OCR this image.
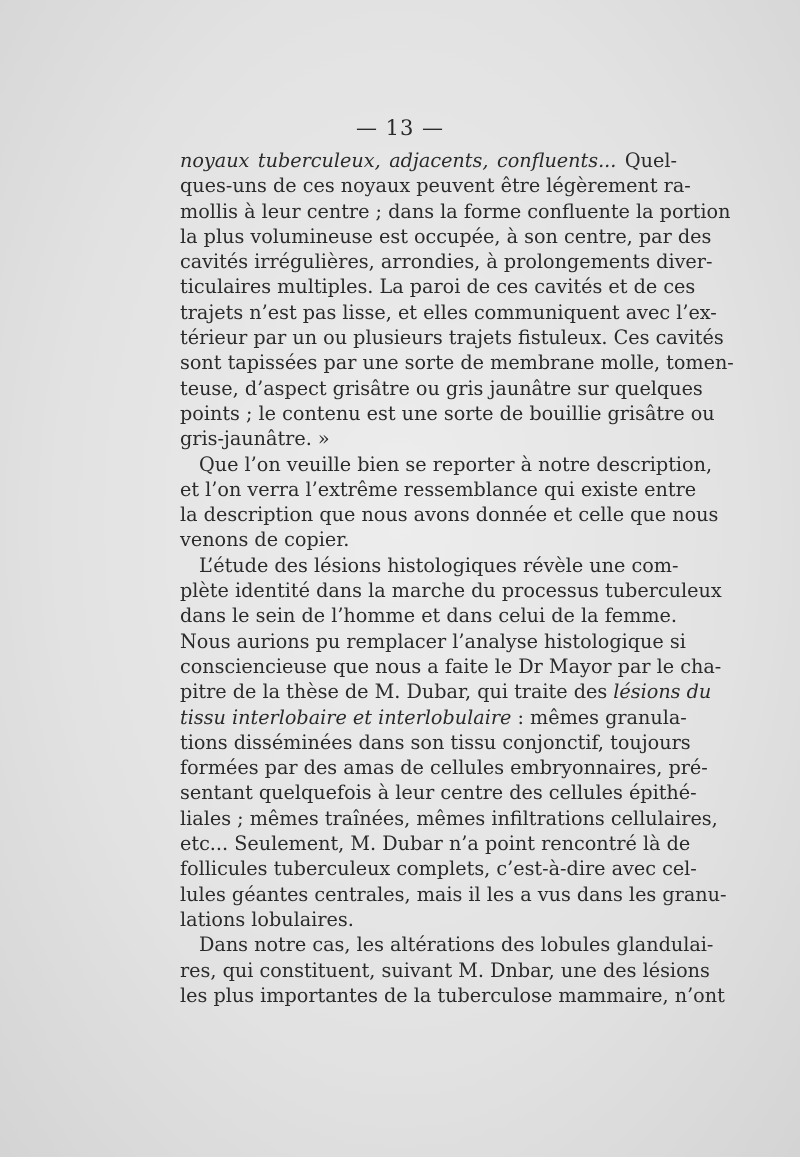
— 13 —
noyaux tuberculeux, adjacents, confluents... Quel-
ques-uns de ces noyaux peuvent être légèrement ra-
mollis à leur centre ; dans la forme confluente la portion
la plus volumineuse est occupée, à son centre, par des
cavités irrégulières, arrondies, à prolongements diver-
ticulaires multiples. La paroi de ces cavités et de ces
trajets n’est pas lisse, et elles communiquent avec l’ex-
térieur par un ou plusieurs trajets fistuleux. Ces cavités
sont tapissées par une sorte de membrane molle, tomen-
teuse, d’aspect grisâtre ou gris jaunâtre sur quelques
points ; le contenu est une sorte de bouillie grisâtre ou
gris-jaunâtre. »
Que l’on veuille bien se reporter à notre description,
et l’on verra l’extrême ressemblance qui existe entre
la description que nous avons donnée et celle que nous
venons de copier.
L’étude des lésions histologiques révèle une com-
plète identité dans la marche du processus tuberculeux
dans le sein de l’homme et dans celui de la femme.
Nous aurions pu remplacer l’analyse histologique si
consciencieuse que nous a faite le Dr Mayor par le cha-
pitre de la thèse de M. Dubar, qui traite des lésions du
tissu interlobaire et interlobulaire : mêmes granula-
tions disséminées dans son tissu conjonctif, toujours
formées par des amas de cellules embryonnaires, pré-
sentant quelquefois à leur centre des cellules épithé-
liales ; mêmes traînées, mêmes infiltrations cellulaires,
etc... Seulement, M. Dubar n’a point rencontré là de
follicules tuberculeux complets, c’est-à-dire avec cel-
lules géantes centrales, mais il les a vus dans les granu-
lations lobulaires.
Dans notre cas, les altérations des lobules glandulai-
res, qui constituent, suivant M. Dnbar, une des lésions
les plus importantes de la tuberculose mammaire, n’ont
